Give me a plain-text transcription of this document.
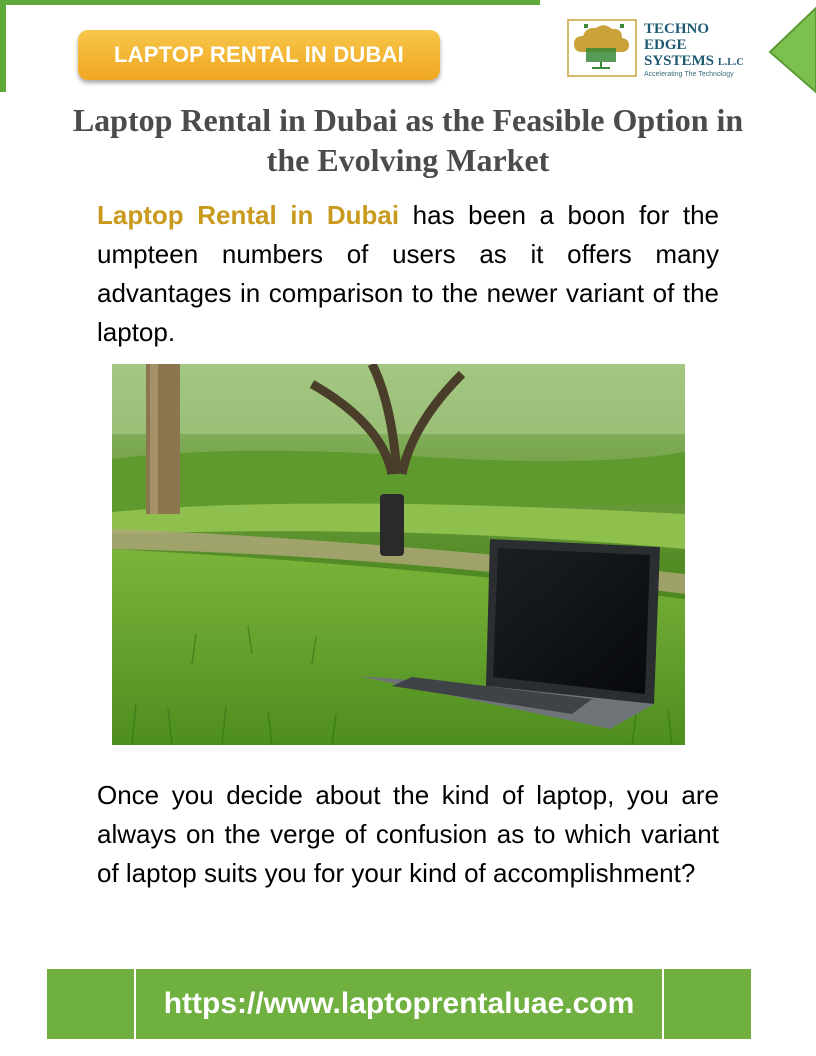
LAPTOP RENTAL IN DUBAI
TECHNO
EDGE
SYSTEMS L.L.C
Accelerating The Technology
Laptop Rental in Dubai as the Feasible Option in the Evolving Market

Laptop Rental in Dubai has been a boon for the umpteen numbers of users as it offers many advantages in comparison to the newer variant of the laptop.

Once you decide about the kind of laptop, you are always on the verge of confusion as to which variant of laptop suits you for your kind of accomplishment?

https://www.laptoprentaluae.com
